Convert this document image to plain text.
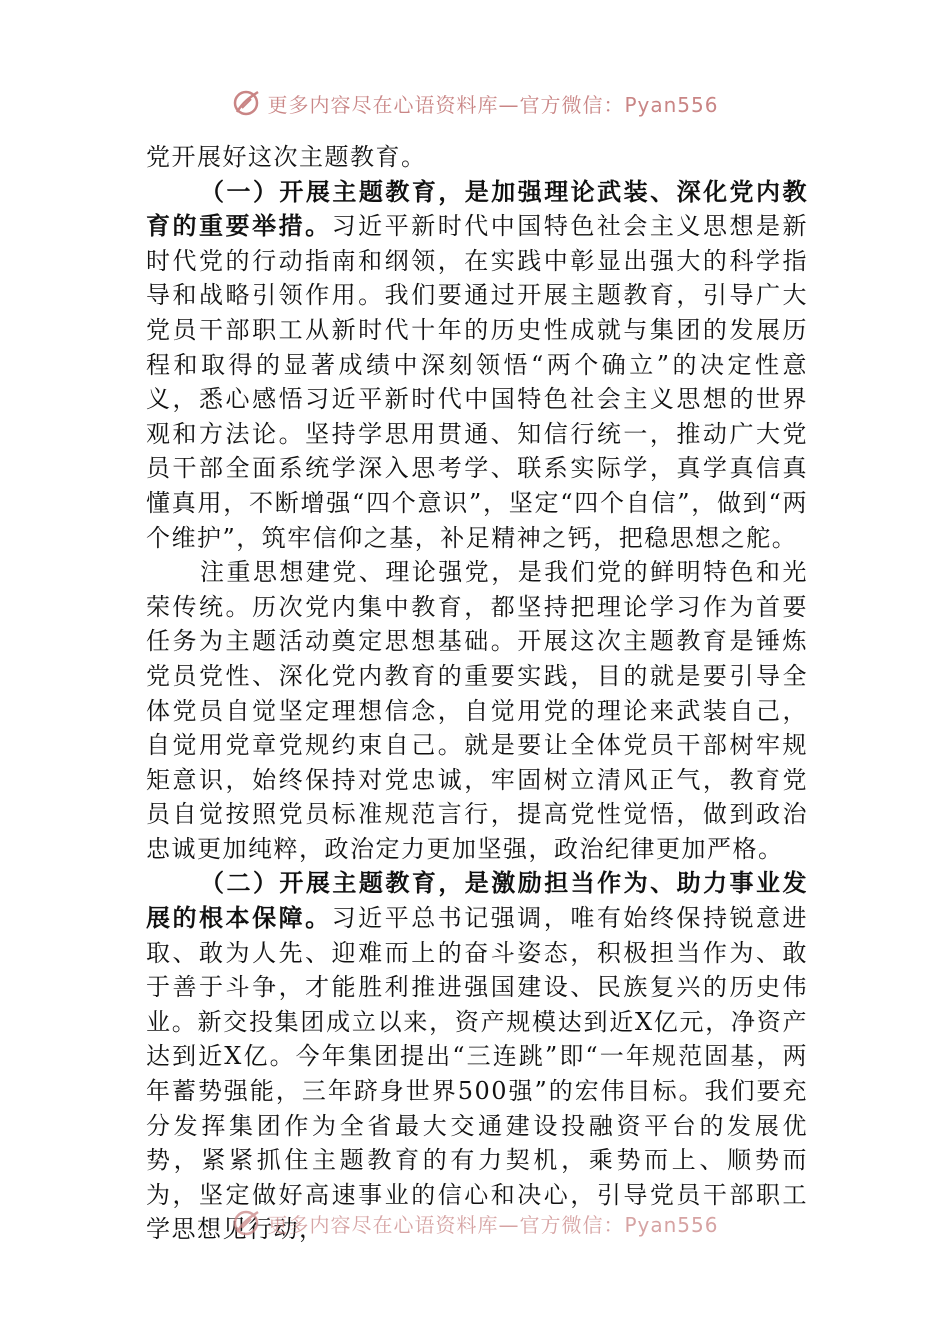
更多内容尽在心语资料库—官方微信：Pyan556

党开展好这次主题教育。

（一）开展主题教育，是加强理论武装、深化党内教育的重要举措。习近平新时代中国特色社会主义思想是新时代党的行动指南和纲领，在实践中彰显出强大的科学指导和战略引领作用。我们要通过开展主题教育，引导广大党员干部职工从新时代十年的历史性成就与集团的发展历程和取得的显著成绩中深刻领悟“两个确立”的决定性意义，悉心感悟习近平新时代中国特色社会主义思想的世界观和方法论。坚持学思用贯通、知信行统一，推动广大党员干部全面系统学深入思考学、联系实际学，真学真信真懂真用，不断增强“四个意识”，坚定“四个自信”，做到“两个维护”，筑牢信仰之基，补足精神之钙，把稳思想之舵。

注重思想建党、理论强党，是我们党的鲜明特色和光荣传统。历次党内集中教育，都坚持把理论学习作为首要任务为主题活动奠定思想基础。开展这次主题教育是锤炼党员党性、深化党内教育的重要实践，目的就是要引导全体党员自觉坚定理想信念，自觉用党的理论来武装自己，自觉用党章党规约束自己。就是要让全体党员干部树牢规矩意识，始终保持对党忠诚，牢固树立清风正气，教育党员自觉按照党员标准规范言行，提高党性觉悟，做到政治忠诚更加纯粹，政治定力更加坚强，政治纪律更加严格。

（二）开展主题教育，是激励担当作为、助力事业发展的根本保障。习近平总书记强调，唯有始终保持锐意进取、敢为人先、迎难而上的奋斗姿态，积极担当作为、敢于善于斗争，才能胜利推进强国建设、民族复兴的历史伟业。新交投集团成立以来，资产规模达到近X亿元，净资产达到近X亿。今年集团提出“三连跳”即“一年规范固基，两年蓄势强能，三年跻身世界500强”的宏伟目标。我们要充分发挥集团作为全省最大交通建设投融资平台的发展优势，紧紧抓住主题教育的有力契机，乘势而上、顺势而为，坚定做好高速事业的信心和决心，引导党员干部职工学思想见行动，

更多内容尽在心语资料库—官方微信：Pyan556
